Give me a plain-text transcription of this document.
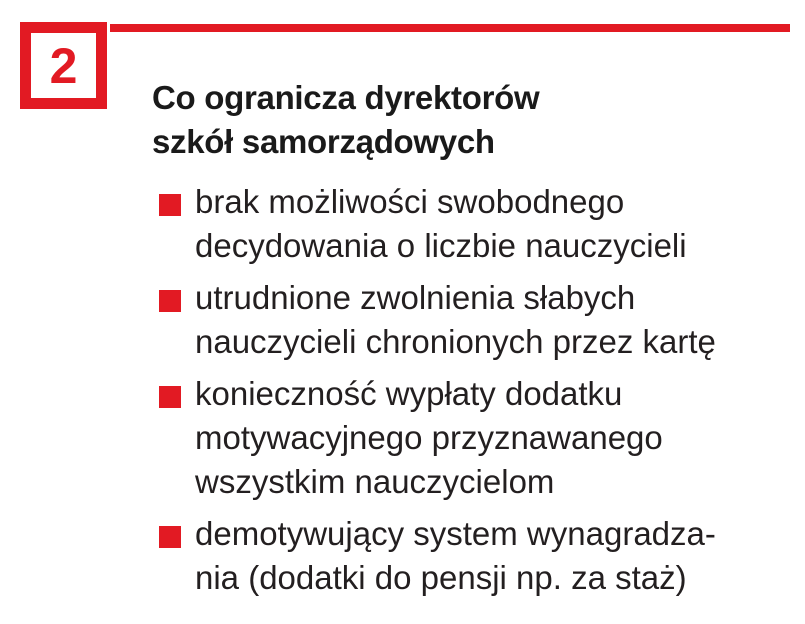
2
Co ogranicza dyrektorów
szkół samorządowych
brak możliwości swobodnego
decydowania o liczbie nauczycieli
utrudnione zwolnienia słabych
nauczycieli chronionych przez kartę
konieczność wypłaty dodatku
motywacyjnego przyznawanego
wszystkim nauczycielom
demotywujący system wynagradza-
nia (dodatki do pensji np. za staż)
